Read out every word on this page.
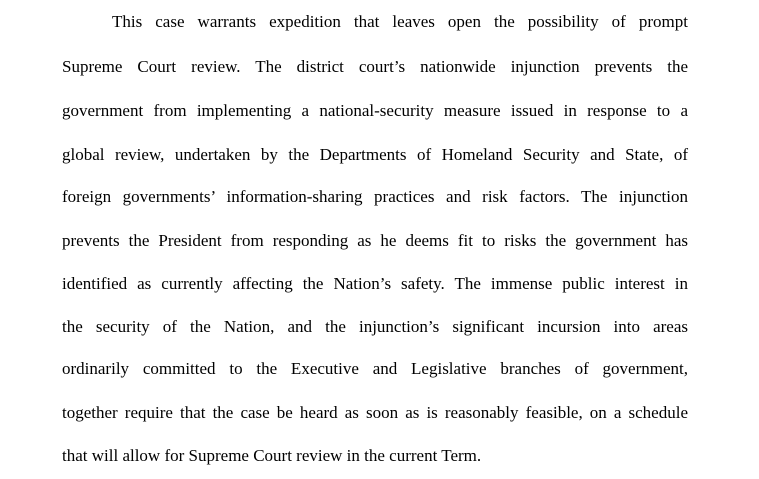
This case warrants expedition that leaves open the possibility of prompt
Supreme Court review. The district court’s nationwide injunction prevents the
government from implementing a national-security measure issued in response to a
global review, undertaken by the Departments of Homeland Security and State, of
foreign governments’ information-sharing practices and risk factors. The injunction
prevents the President from responding as he deems fit to risks the government has
identified as currently affecting the Nation’s safety. The immense public interest in
the security of the Nation, and the injunction’s significant incursion into areas
ordinarily committed to the Executive and Legislative branches of government,
together require that the case be heard as soon as is reasonably feasible, on a schedule
that will allow for Supreme Court review in the current Term.
